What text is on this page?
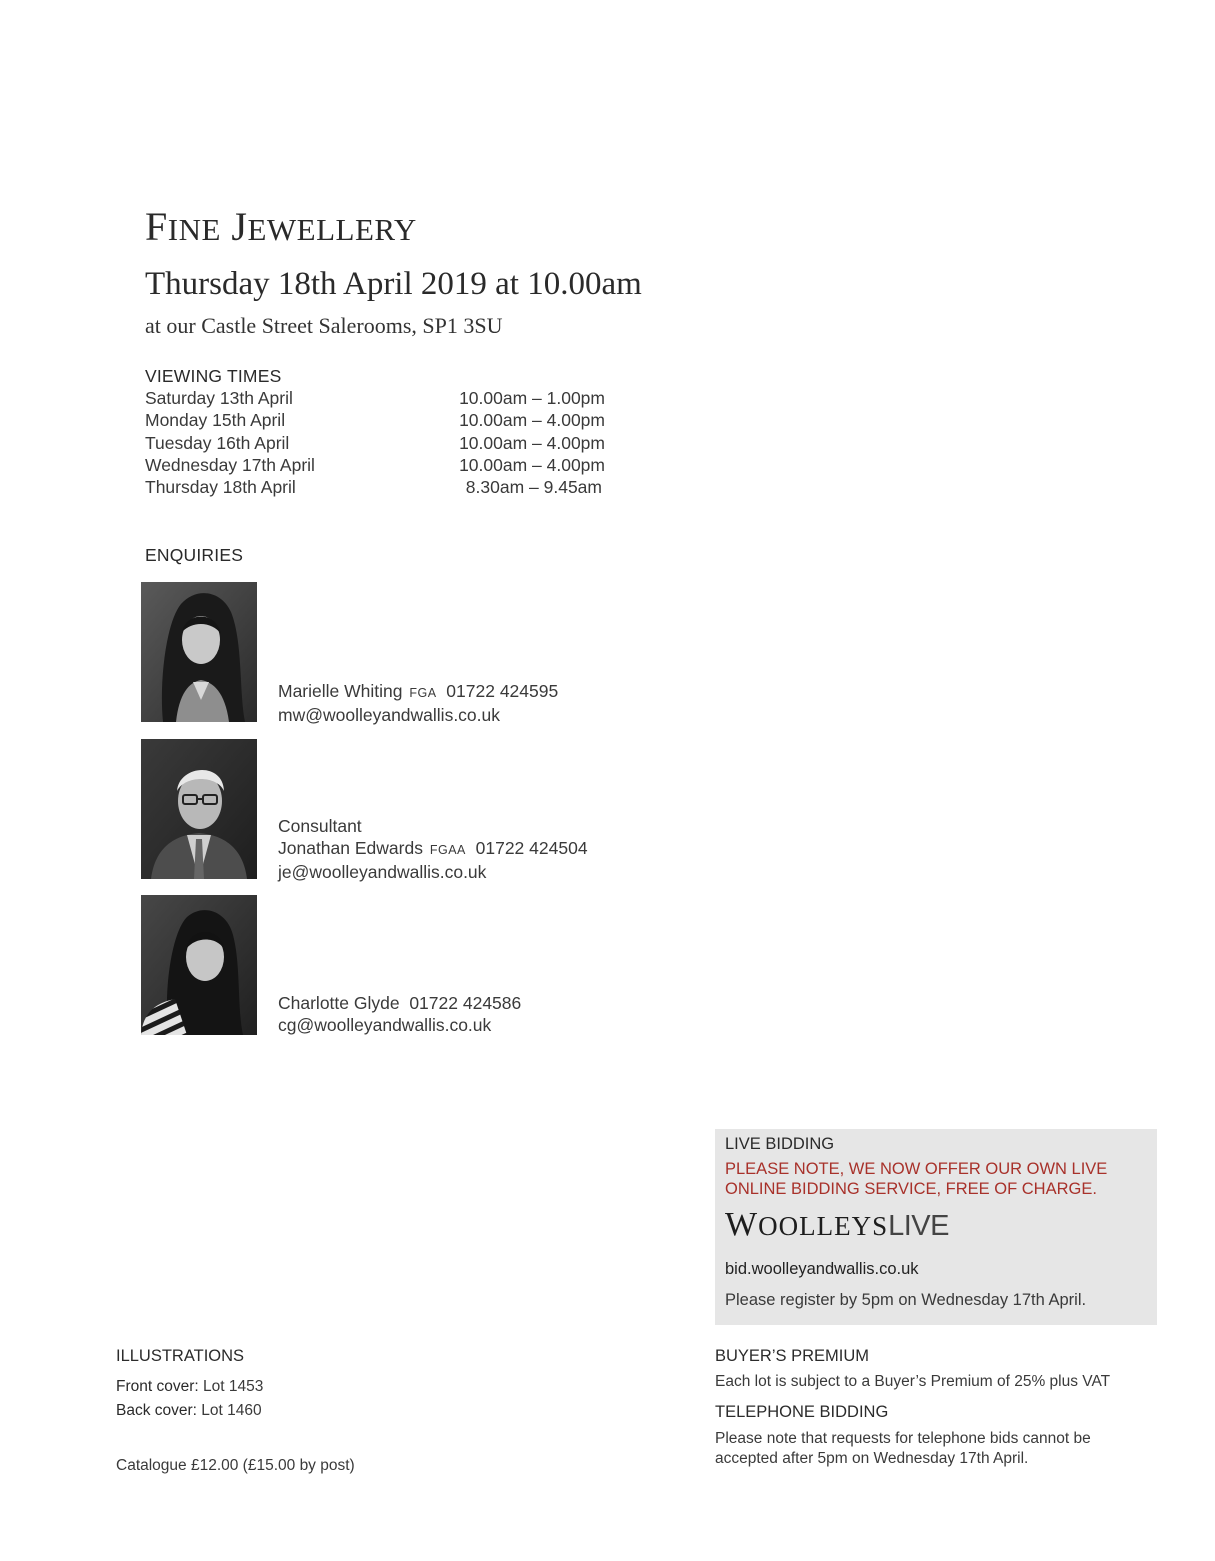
FINE JEWELLERY
Thursday 18th April 2019 at 10.00am
at our Castle Street Salerooms, SP1 3SU
VIEWING TIMES
Saturday 13th April	10.00am – 1.00pm
Monday 15th April	10.00am – 4.00pm
Tuesday 16th April	10.00am – 4.00pm
Wednesday 17th April	10.00am – 4.00pm
Thursday 18th April	8.30am – 9.45am
ENQUIRIES
Marielle Whiting FGA 01722 424595
mw@woolleyandwallis.co.uk
Consultant
Jonathan Edwards FGAA 01722 424504
je@woolleyandwallis.co.uk
Charlotte Glyde 01722 424586
cg@woolleyandwallis.co.uk
LIVE BIDDING
PLEASE NOTE, WE NOW OFFER OUR OWN LIVE ONLINE BIDDING SERVICE, FREE OF CHARGE.
WOOLLEYSLIVE
bid.woolleyandwallis.co.uk
Please register by 5pm on Wednesday 17th April.
ILLUSTRATIONS
Front cover: Lot 1453
Back cover: Lot 1460
Catalogue £12.00 (£15.00 by post)
BUYER’S PREMIUM
Each lot is subject to a Buyer’s Premium of 25% plus VAT
TELEPHONE BIDDING
Please note that requests for telephone bids cannot be accepted after 5pm on Wednesday 17th April.
